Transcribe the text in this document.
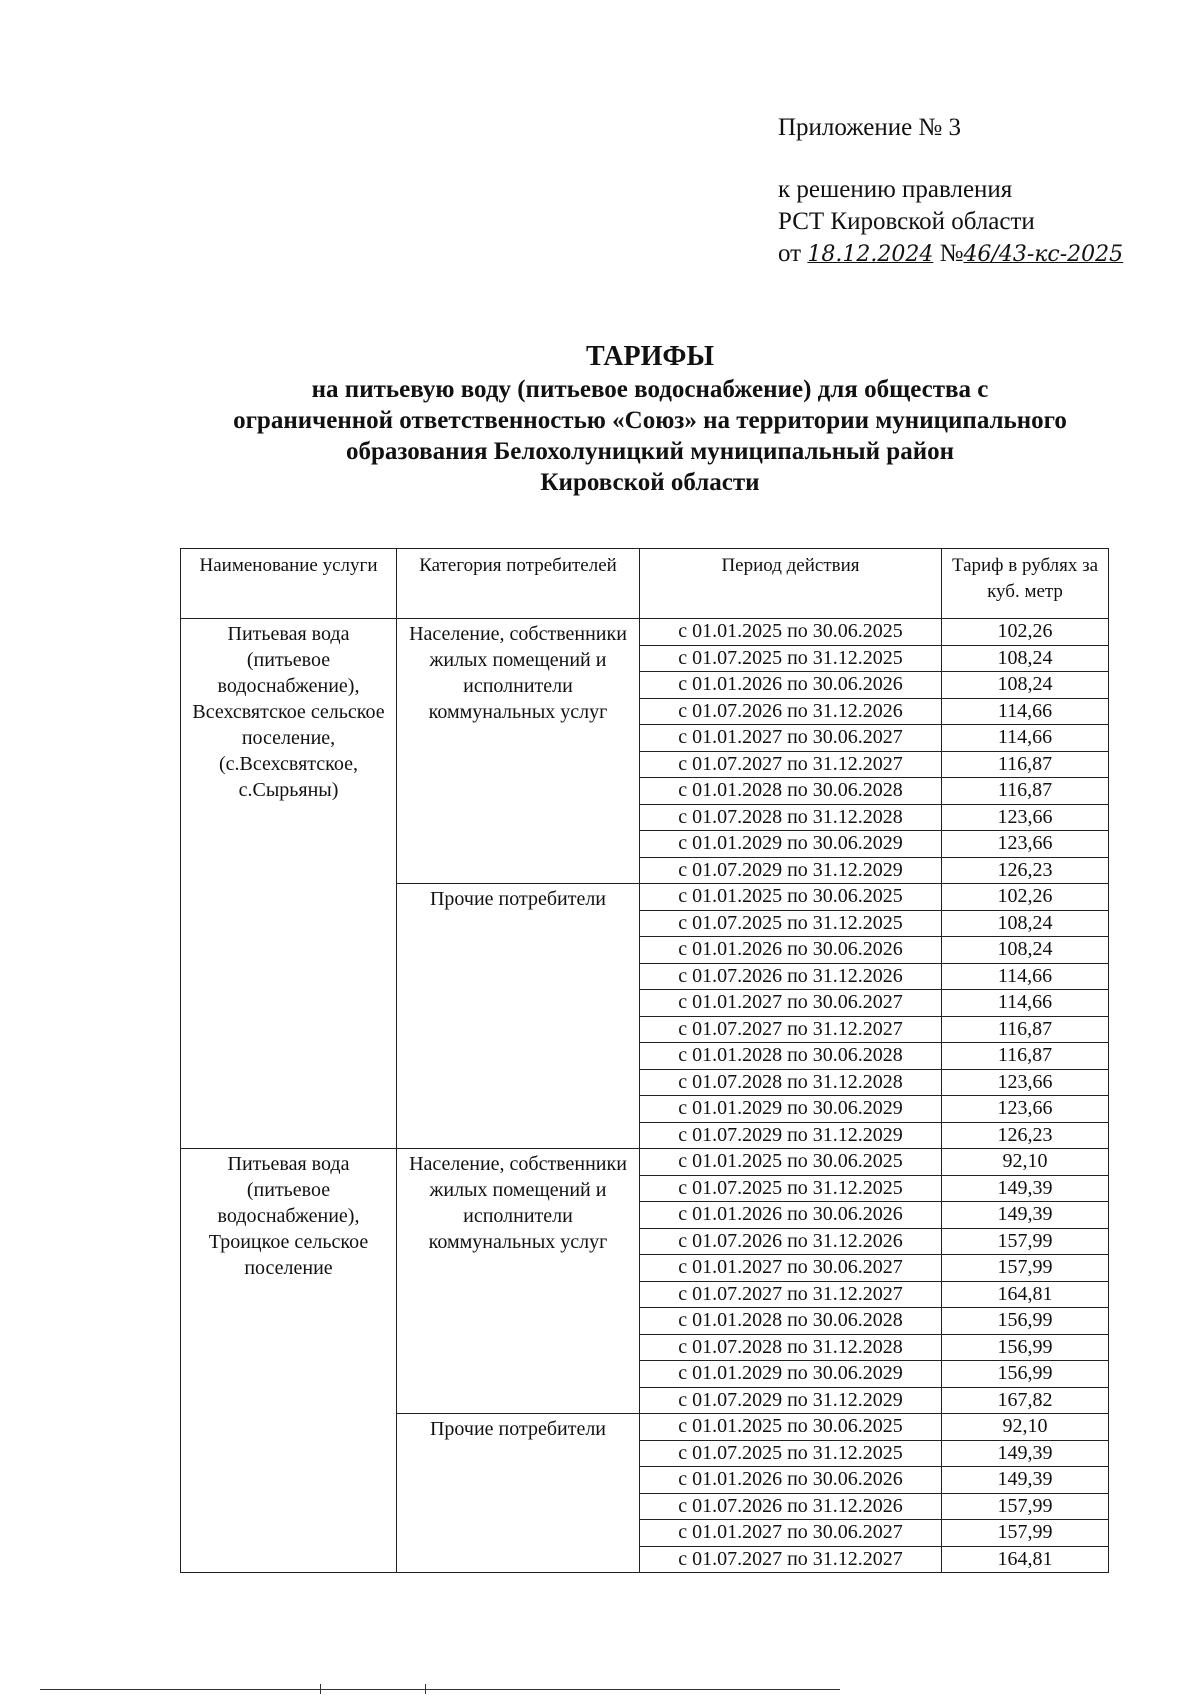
Приложение № 3
к решению правления
РСТ Кировской области
от 18.12.2024 №46/43-кс-2025
ТАРИФЫ
на питьевую воду (питьевое водоснабжение) для общества с
ограниченной ответственностью «Союз» на территории муниципального
образования Белохолуницкий муниципальный район
Кировской области
Наименование услуги	Категория потребителей	Период действия	Тариф в рублях за куб. метр
Питьевая вода (питьевое водоснабжение), Всехсвятское сельское поселение, (с.Всехсвятское, с.Сырьяны)	Население, собственники жилых помещений и исполнители коммунальных услуг	с 01.01.2025 по 30.06.2025	102,26
		с 01.07.2025 по 31.12.2025	108,24
		с 01.01.2026 по 30.06.2026	108,24
		с 01.07.2026 по 31.12.2026	114,66
		с 01.01.2027 по 30.06.2027	114,66
		с 01.07.2027 по 31.12.2027	116,87
		с 01.01.2028 по 30.06.2028	116,87
		с 01.07.2028 по 31.12.2028	123,66
		с 01.01.2029 по 30.06.2029	123,66
		с 01.07.2029 по 31.12.2029	126,23
	Прочие потребители	с 01.01.2025 по 30.06.2025	102,26
		с 01.07.2025 по 31.12.2025	108,24
		с 01.01.2026 по 30.06.2026	108,24
		с 01.07.2026 по 31.12.2026	114,66
		с 01.01.2027 по 30.06.2027	114,66
		с 01.07.2027 по 31.12.2027	116,87
		с 01.01.2028 по 30.06.2028	116,87
		с 01.07.2028 по 31.12.2028	123,66
		с 01.01.2029 по 30.06.2029	123,66
		с 01.07.2029 по 31.12.2029	126,23
Питьевая вода (питьевое водоснабжение), Троицкое сельское поселение	Население, собственники жилых помещений и исполнители коммунальных услуг	с 01.01.2025 по 30.06.2025	92,10
		с 01.07.2025 по 31.12.2025	149,39
		с 01.01.2026 по 30.06.2026	149,39
		с 01.07.2026 по 31.12.2026	157,99
		с 01.01.2027 по 30.06.2027	157,99
		с 01.07.2027 по 31.12.2027	164,81
		с 01.01.2028 по 30.06.2028	156,99
		с 01.07.2028 по 31.12.2028	156,99
		с 01.01.2029 по 30.06.2029	156,99
		с 01.07.2029 по 31.12.2029	167,82
	Прочие потребители	с 01.01.2025 по 30.06.2025	92,10
		с 01.07.2025 по 31.12.2025	149,39
		с 01.01.2026 по 30.06.2026	149,39
		с 01.07.2026 по 31.12.2026	157,99
		с 01.01.2027 по 30.06.2027	157,99
		с 01.07.2027 по 31.12.2027	164,81
